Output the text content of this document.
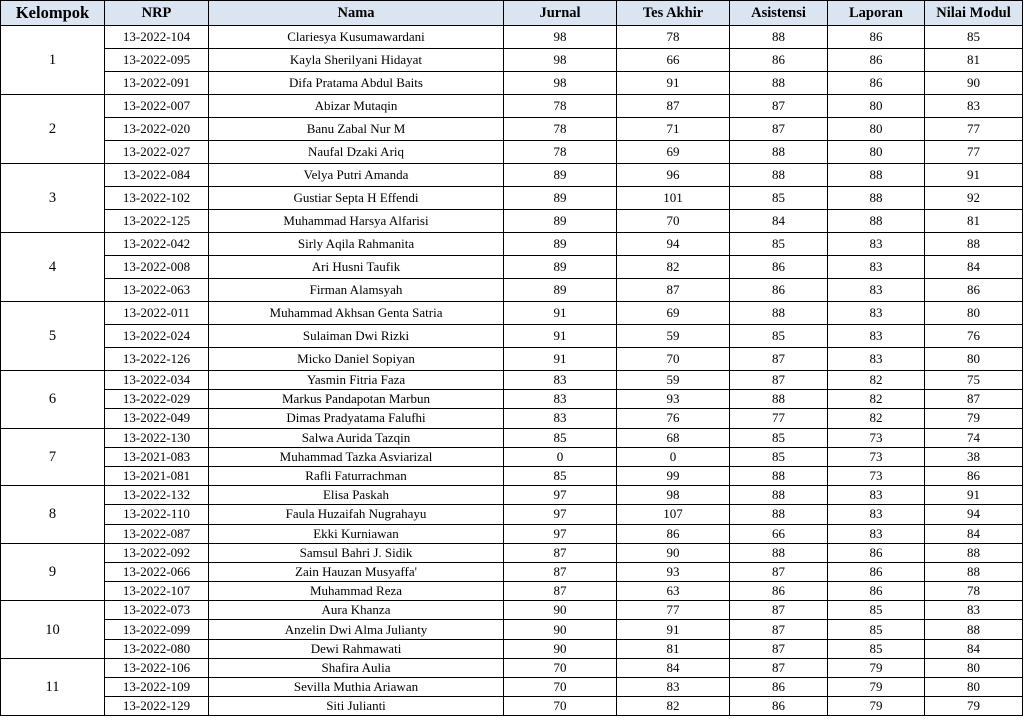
Kelompok	NRP	Nama	Jurnal	Tes Akhir	Asistensi	Laporan	Nilai Modul
1	13-2022-104	Clariesya Kusumawardani	98	78	88	86	85
	13-2022-095	Kayla Sherilyani Hidayat	98	66	86	86	81
	13-2022-091	Difa Pratama Abdul Baits	98	91	88	86	90
2	13-2022-007	Abizar Mutaqin	78	87	87	80	83
	13-2022-020	Banu Zabal Nur M	78	71	87	80	77
	13-2022-027	Naufal Dzaki Ariq	78	69	88	80	77
3	13-2022-084	Velya Putri Amanda	89	96	88	88	91
	13-2022-102	Gustiar Septa H Effendi	89	101	85	88	92
	13-2022-125	Muhammad Harsya Alfarisi	89	70	84	88	81
4	13-2022-042	Sirly Aqila Rahmanita	89	94	85	83	88
	13-2022-008	Ari Husni Taufik	89	82	86	83	84
	13-2022-063	Firman Alamsyah	89	87	86	83	86
5	13-2022-011	Muhammad Akhsan Genta Satria	91	69	88	83	80
	13-2022-024	Sulaiman Dwi Rizki	91	59	85	83	76
	13-2022-126	Micko Daniel Sopiyan	91	70	87	83	80
6	13-2022-034	Yasmin Fitria Faza	83	59	87	82	75
	13-2022-029	Markus Pandapotan Marbun	83	93	88	82	87
	13-2022-049	Dimas Pradyatama Falufhi	83	76	77	82	79
7	13-2022-130	Salwa Aurida Tazqin	85	68	85	73	74
	13-2021-083	Muhammad Tazka Asviarizal	0	0	85	73	38
	13-2021-081	Rafli Faturrachman	85	99	88	73	86
8	13-2022-132	Elisa Paskah	97	98	88	83	91
	13-2022-110	Faula Huzaifah Nugrahayu	97	107	88	83	94
	13-2022-087	Ekki Kurniawan	97	86	66	83	84
9	13-2022-092	Samsul Bahri J. Sidik	87	90	88	86	88
	13-2022-066	Zain Hauzan Musyaffa'	87	93	87	86	88
	13-2022-107	Muhammad Reza	87	63	86	86	78
10	13-2022-073	Aura Khanza	90	77	87	85	83
	13-2022-099	Anzelin Dwi Alma Julianty	90	91	87	85	88
	13-2022-080	Dewi Rahmawati	90	81	87	85	84
11	13-2022-106	Shafira Aulia	70	84	87	79	80
	13-2022-109	Sevilla Muthia Ariawan	70	83	86	79	80
	13-2022-129	Siti Julianti	70	82	86	79	79
